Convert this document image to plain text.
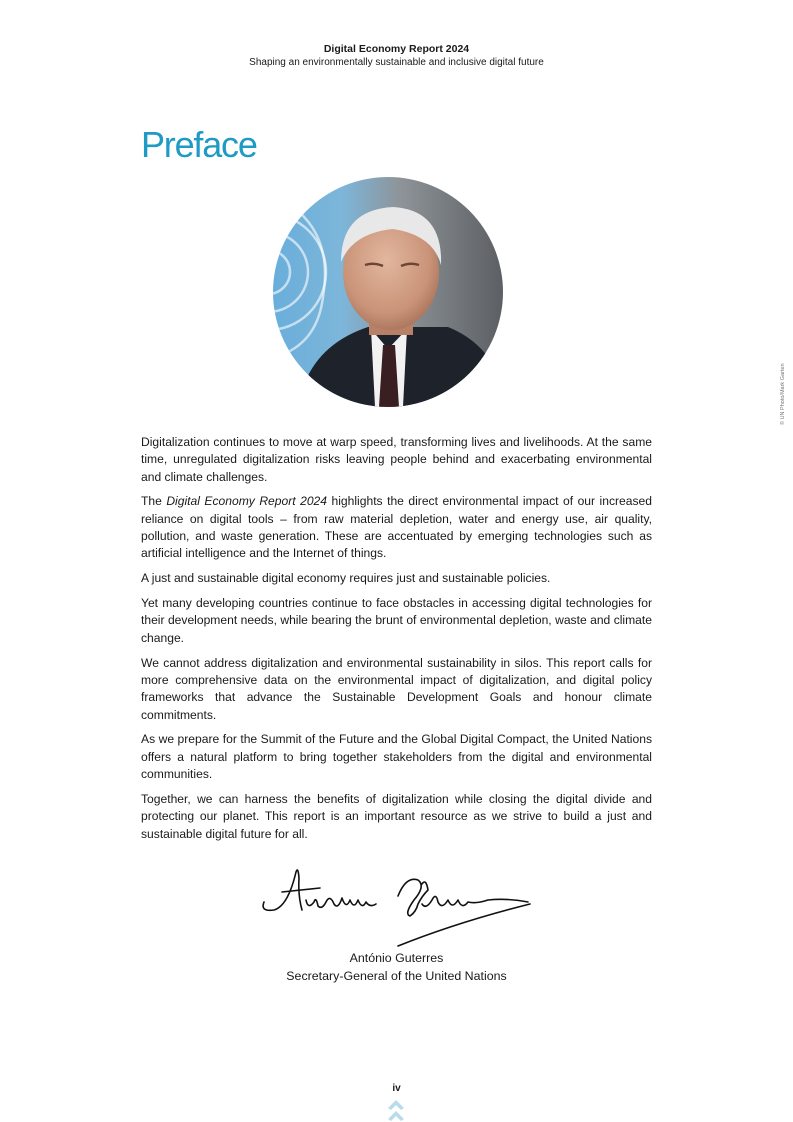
Digital Economy Report 2024
Shaping an environmentally sustainable and inclusive digital future
Preface
© UN Photo/Mark Garten

Digitalization continues to move at warp speed, transforming lives and livelihoods. At the same time, unregulated digitalization risks leaving people behind and exacerbating environmental and climate challenges.

The Digital Economy Report 2024 highlights the direct environmental impact of our increased reliance on digital tools – from raw material depletion, water and energy use, air quality, pollution, and waste generation. These are accentuated by emerging technologies such as artificial intelligence and the Internet of things.

A just and sustainable digital economy requires just and sustainable policies.

Yet many developing countries continue to face obstacles in accessing digital technologies for their development needs, while bearing the brunt of environmental depletion, waste and climate change.

We cannot address digitalization and environmental sustainability in silos. This report calls for more comprehensive data on the environmental impact of digitalization, and digital policy frameworks that advance the Sustainable Development Goals and honour climate commitments.

As we prepare for the Summit of the Future and the Global Digital Compact, the United Nations offers a natural platform to bring together stakeholders from the digital and environmental communities.

Together, we can harness the benefits of digitalization while closing the digital divide and protecting our planet. This report is an important resource as we strive to build a just and sustainable digital future for all.

António Guterres
Secretary-General of the United Nations
iv
